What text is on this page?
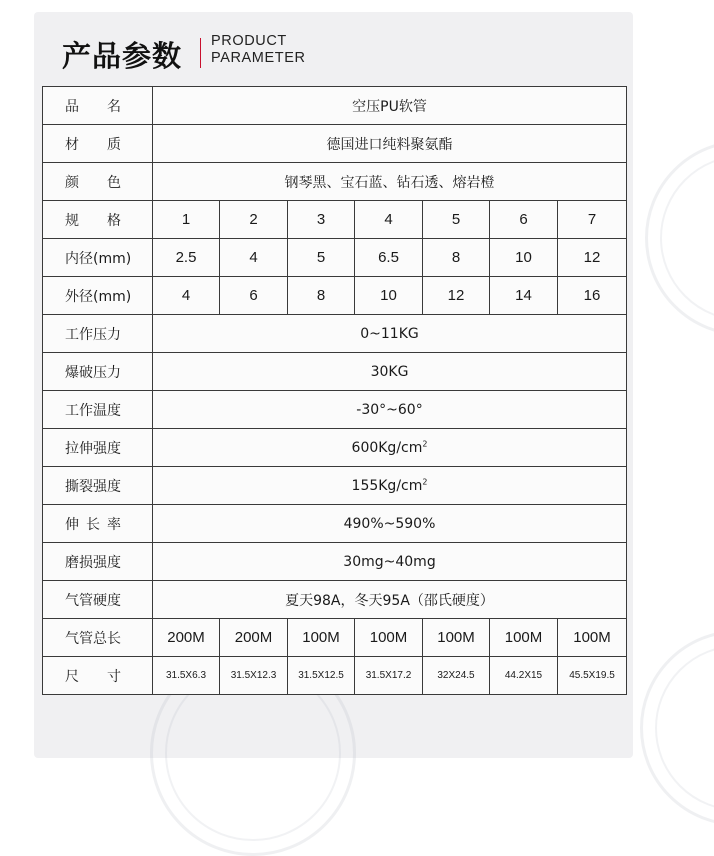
产品参数 PRODUCT
PARAMETER
品　　名	空压PU软管						
材　　质	德国进口纯料聚氨酯						
颜　　色	钢琴黑、宝石蓝、钻石透、熔岩橙						
规　　格	1	2	3	4	5	6	7
内径(mm)	2.5	4	5	6.5	8	10	12
外径(mm)	4	6	8	10	12	14	16
工作压力	0~11KG						
爆破压力	30KG						
工作温度	-30°~60°						
拉伸强度	$600Kg/cm^2$
撕裂强度	$155Kg/cm^2$
伸 长 率	490%~590%						
磨损强度	30mg~40mg						
气管硬度	夏天98A，冬天95A（邵氏硬度）						
气管总长	200M	200M	100M	100M	100M	100M	100M
尺　　寸	31.5X6.3	31.5X12.3	31.5X12.5	31.5X17.2	32X24.5	44.2X15	45.5X19.5
